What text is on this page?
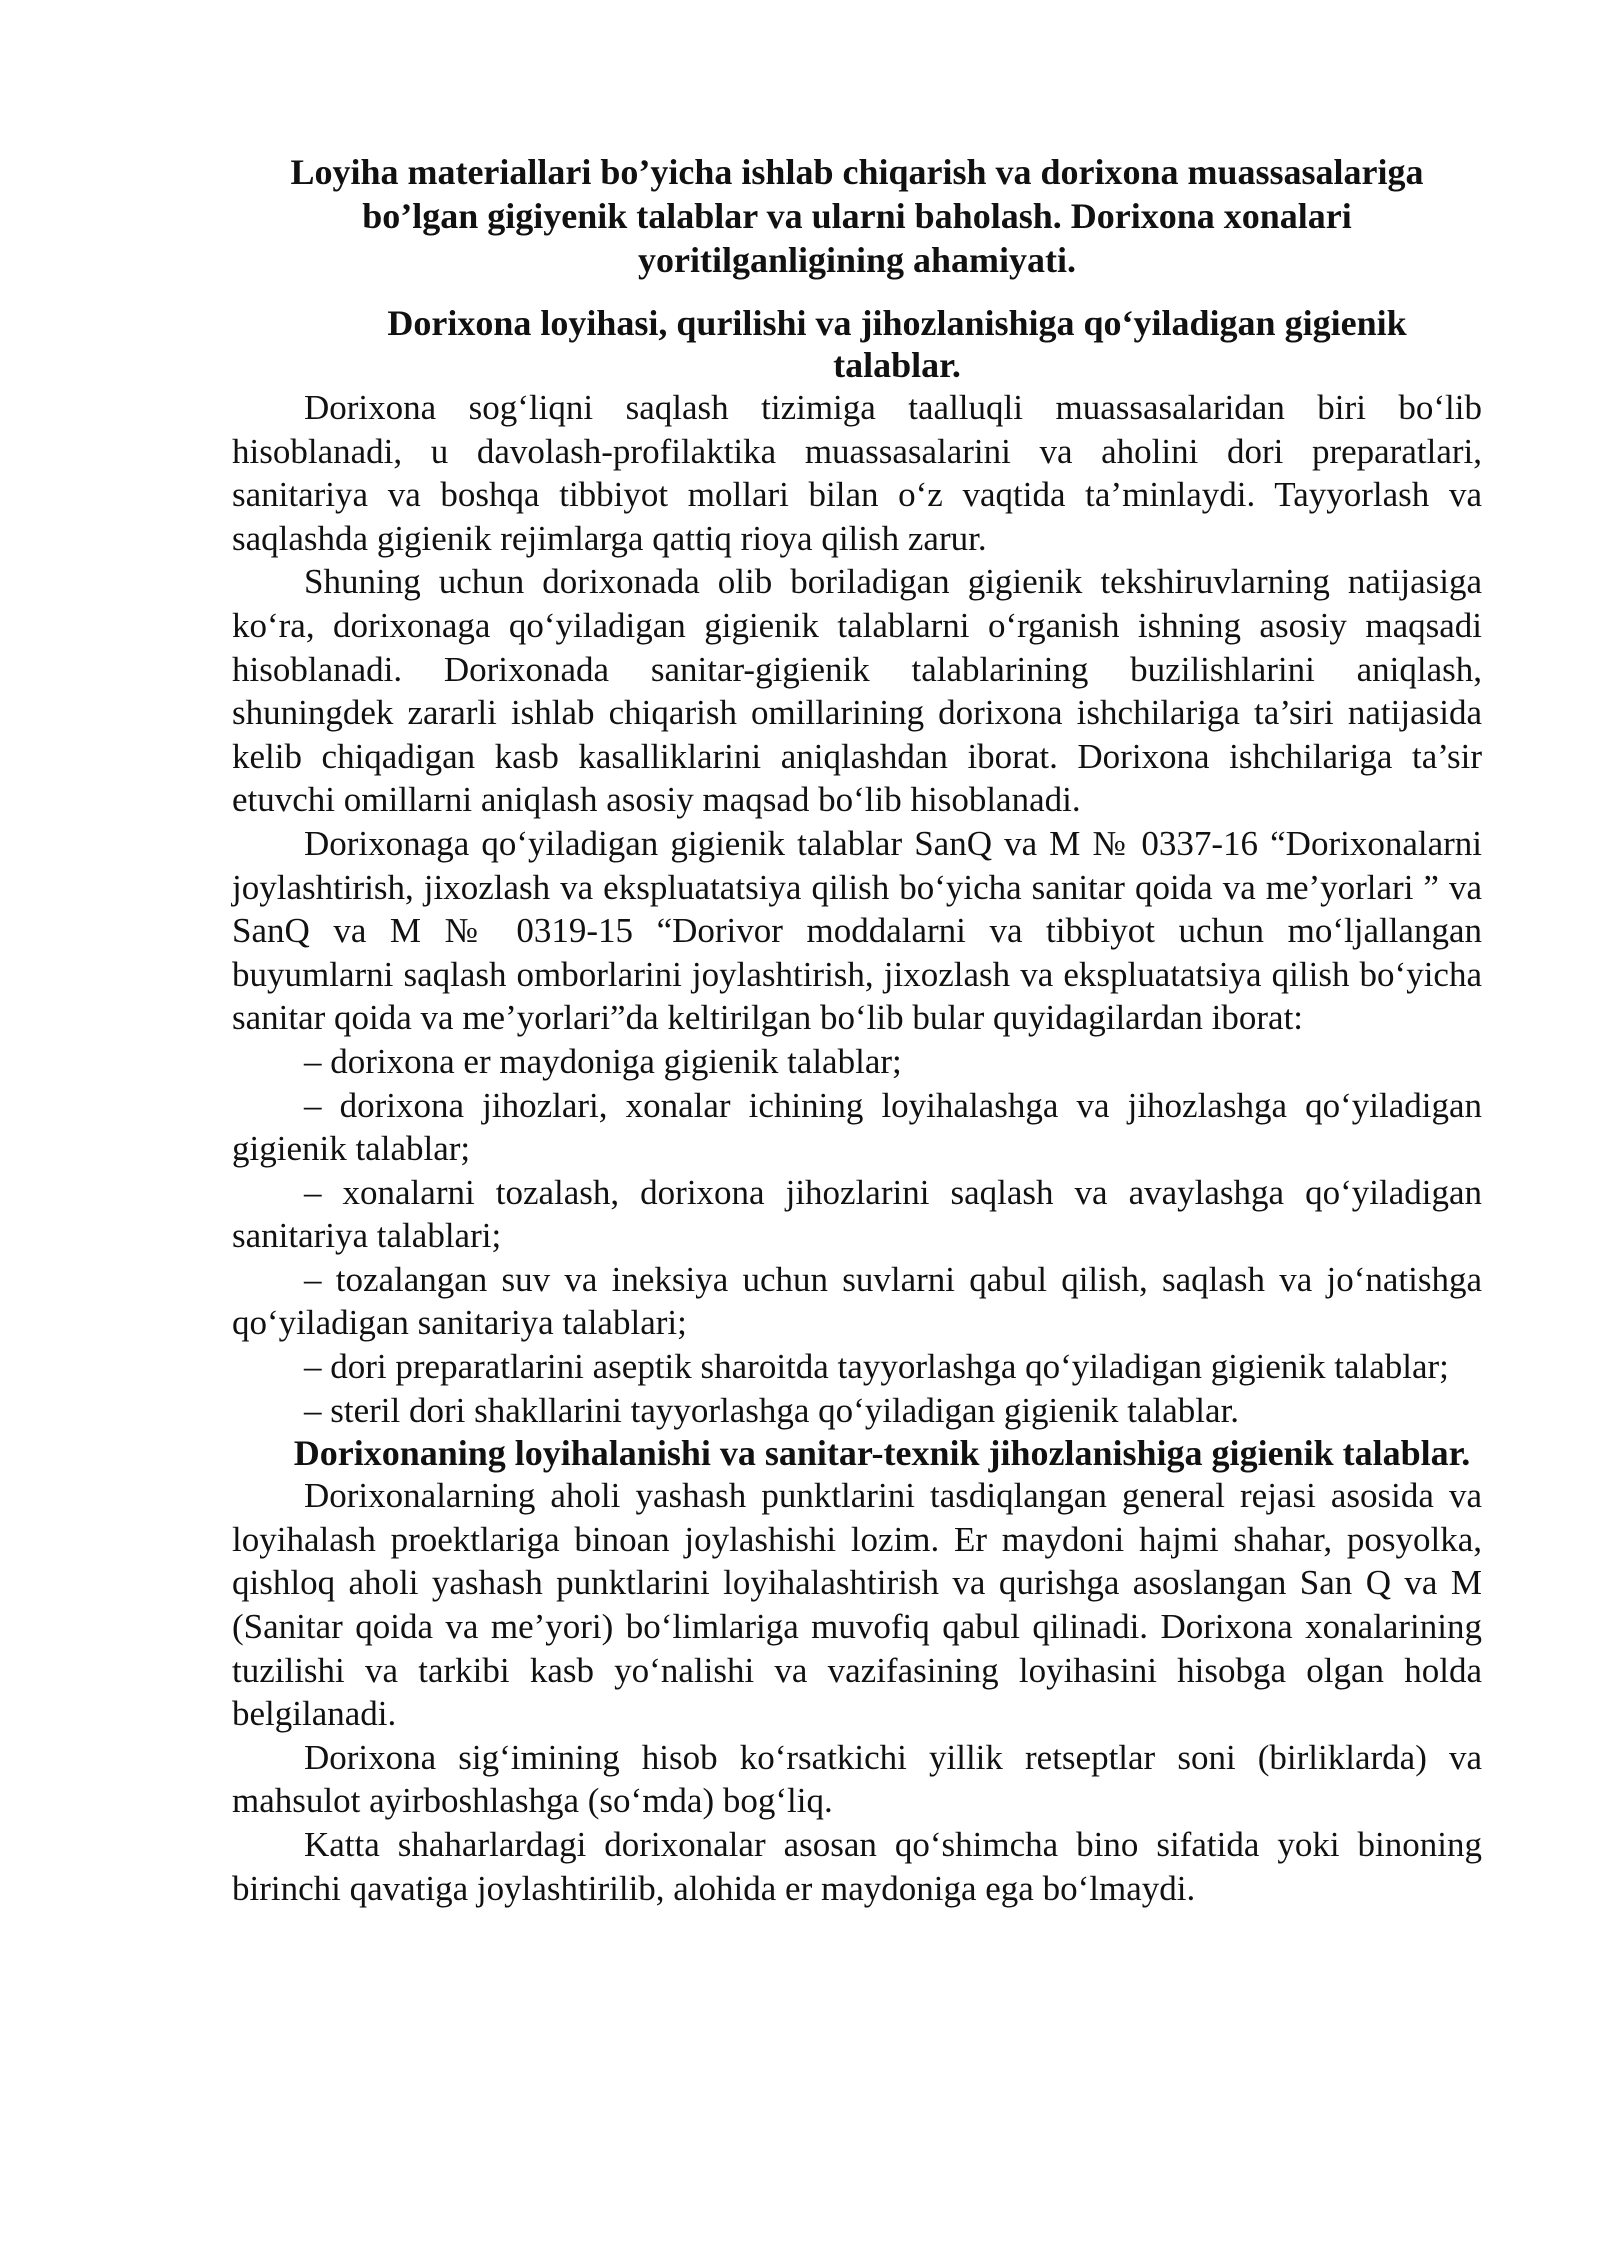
Loyiha materiallari bo’yicha ishlab chiqarish va dorixona muassasalariga bo’lgan gigiyenik talablar va ularni baholash. Dorixona xonalari yoritilganligining ahamiyati.
Dorixona loyihasi, qurilishi va jihozlanishiga qo‘yiladigan gigienik talablar.

Dorixona sog‘liqni saqlash tizimiga taalluqli muassasalaridan biri bo‘lib hisoblanadi, u davolash-profilaktika muassasalarini va aholini dori preparatlari, sanitariya va boshqa tibbiyot mollari bilan o‘z vaqtida ta’minlaydi. Tayyorlash va saqlashda gigienik rejimlarga qattiq rioya qilish zarur.

Shuning uchun dorixonada olib boriladigan gigienik tekshiruvlarning natijasiga ko‘ra, dorixonaga qo‘yiladigan gigienik talablarni o‘rganish ishning asosiy maqsadi hisoblanadi. Dorixonada sanitar-gigienik talablarining buzilishlarini aniqlash, shuningdek zararli ishlab chiqarish omillarining dorixona ishchilariga ta’siri natijasida kelib chiqadigan kasb kasalliklarini aniqlashdan iborat. Dorixona ishchilariga ta’sir etuvchi omillarni aniqlash asosiy maqsad bo‘lib hisoblanadi.

Dorixonaga qo‘yiladigan gigienik talablar SanQ va M № 0337-16 “Dorixonalarni joylashtirish, jixozlash va ekspluatatsiya qilish bo‘yicha sanitar qoida va me’yorlari ” va SanQ va M № 0319-15 “Dorivor moddalarni va tibbiyot uchun mo‘ljallangan buyumlarni saqlash omborlarini joylashtirish, jixozlash va ekspluatatsiya qilish bo‘yicha sanitar qoida va me’yorlari”da keltirilgan bo‘lib bular quyidagilardan iborat:

– dorixona er maydoniga gigienik talablar;

– dorixona jihozlari, xonalar ichining loyihalashga va jihozlashga qo‘yiladigan gigienik talablar;

– xonalarni tozalash, dorixona jihozlarini saqlash va avaylashga qo‘yiladigan sanitariya talablari;

– tozalangan suv va ineksiya uchun suvlarni qabul qilish, saqlash va jo‘natishga qo‘yiladigan sanitariya talablari;

– dori preparatlarini aseptik sharoitda tayyorlashga qo‘yiladigan gigienik talablar;

– steril dori shakllarini tayyorlashga qo‘yiladigan gigienik talablar.

Dorixonaning loyihalanishi va sanitar-texnik jihozlanishiga gigienik talablar.

Dorixonalarning aholi yashash punktlarini tasdiqlangan general rejasi asosida va loyihalash proektlariga binoan joylashishi lozim. Er maydoni hajmi shahar, posyolka, qishloq aholi yashash punktlarini loyihalashtirish va qurishga asoslangan San Q va M (Sanitar qoida va me’yori) bo‘limlariga muvofiq qabul qilinadi. Dorixona xonalarining tuzilishi va tarkibi kasb yo‘nalishi va vazifasining loyihasini hisobga olgan holda belgilanadi.

Dorixona sig‘imining hisob ko‘rsatkichi yillik retseptlar soni (birliklarda) va mahsulot ayirboshlashga (so‘mda) bog‘liq.

Katta shaharlardagi dorixonalar asosan qo‘shimcha bino sifatida yoki binoning birinchi qavatiga joylashtirilib, alohida er maydoniga ega bo‘lmaydi.
